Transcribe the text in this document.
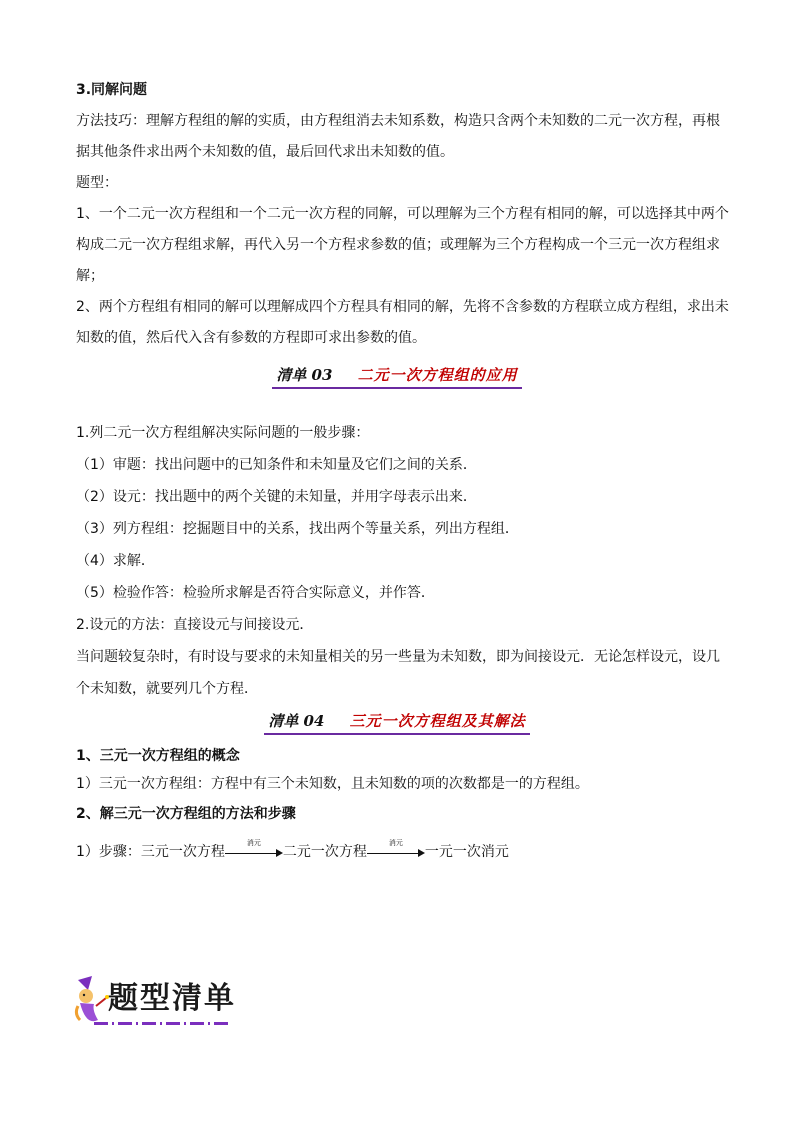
3.同解问题
方法技巧：理解方程组的解的实质，由方程组消去未知系数，构造只含两个未知数的二元一次方程，再根
据其他条件求出两个未知数的值，最后回代求出未知数的值。
题型：
1、一个二元一次方程组和一个二元一次方程的同解，可以理解为三个方程有相同的解，可以选择其中两个
构成二元一次方程组求解，再代入另一个方程求参数的值；或理解为三个方程构成一个三元一次方程组求
解；
2、两个方程组有相同的解可以理解成四个方程具有相同的解，先将不含参数的方程联立成方程组，求出未
知数的值，然后代入含有参数的方程即可求出参数的值。
清单 03 二元一次方程组的应用
1.列二元一次方程组解决实际问题的一般步骤：
（1）审题：找出问题中的已知条件和未知量及它们之间的关系．
（2）设元：找出题中的两个关键的未知量，并用字母表示出来．
（3）列方程组：挖掘题目中的关系，找出两个等量关系，列出方程组．
（4）求解．
（5）检验作答：检验所求解是否符合实际意义，并作答．
2.设元的方法：直接设元与间接设元．
当问题较复杂时，有时设与要求的未知量相关的另一些量为未知数，即为间接设元．无论怎样设元，设几
个未知数，就要列几个方程．
清单 04 三元一次方程组及其解法
1、三元一次方程组的概念
1）三元一次方程组：方程中有三个未知数，且未知数的项的次数都是一的方程组。
2、解三元一次方程组的方法和步骤
1）步骤：三元一次方程
消元
二元一次方程
消元
一元一次消元
题型清单
